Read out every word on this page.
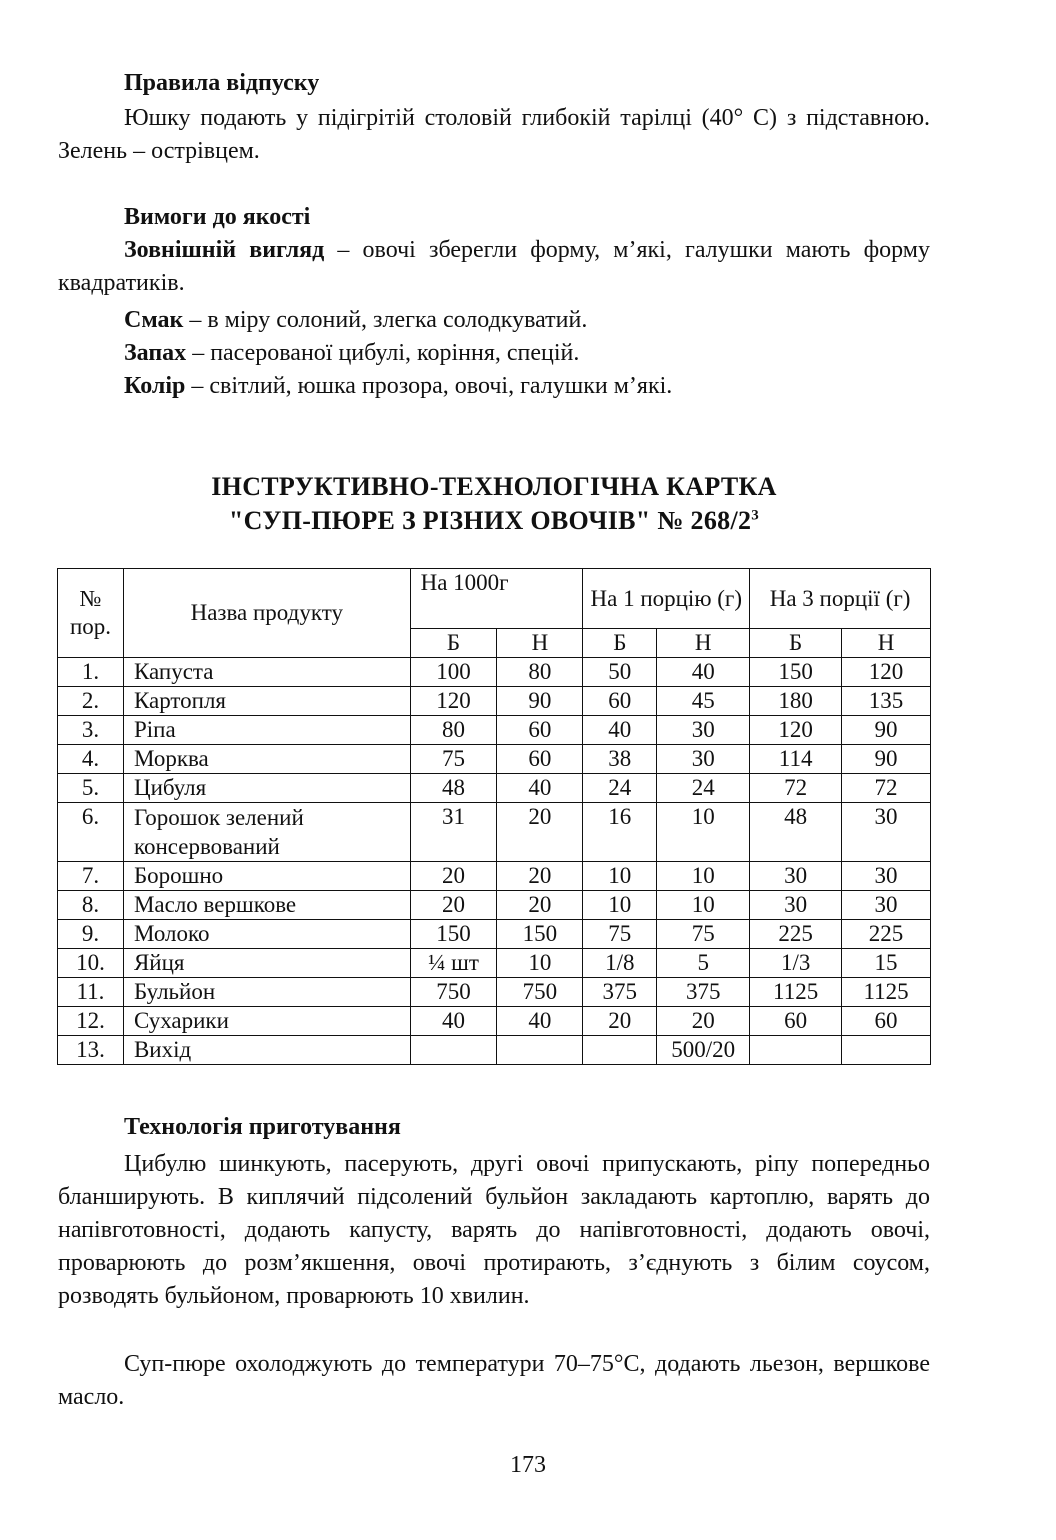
Правила відпуску

Юшку подають у підігрітій столовій глибокій тарілці (40° С) з підставною. Зелень – острівцем.

Вимоги до якості

Зовнішній вигляд – овочі зберегли форму, м’які, галушки мають форму квадратиків.

Смак – в міру солоний, злегка солодкуватий.
Запах – пасерованої цибулі, коріння, спецій.
Колір – світлий, юшка прозора, овочі, галушки м’які.
ІНСТРУКТИВНО-ТЕХНОЛОГІЧНА КАРТКА
"СУП-ПЮРЕ З РІЗНИХ ОВОЧІВ" № $268/2^3$
№ пор.	Назва продукту	На 1000г		На 1 порцію (г)		На 3 порції (г)	
		Б	Н	Б	Н	Б	Н
1.	Капуста	100	80	50	40	150	120
2.	Картопля	120	90	60	45	180	135
3.	Ріпа	80	60	40	30	120	90
4.	Морква	75	60	38	30	114	90
5.	Цибуля	48	40	24	24	72	72
6.	Горошок зелений консервований	31	20	16	10	48	30
7.	Борошно	20	20	10	10	30	30
8.	Масло вершкове	20	20	10	10	30	30
9.	Молоко	150	150	75	75	225	225
10.	Яйця	¼ шт	10	1/8	5	1/3	15
11.	Бульйон	750	750	375	375	1125	1125
12.	Сухарики	40	40	20	20	60	60
13.	Вихід				500/20		
Технологія приготування

Цибулю шинкують, пасерують, другі овочі припускають, ріпу попередньо бланширують. В киплячий підсолений бульйон закладають картоплю, варять до напівготовності, додають капусту, варять до напівготовності, додають овочі, проварюють до розм’якшення, овочі протирають, з’єднують з білим соусом, розводять бульйоном, проварюють 10 хвилин.

Суп-пюре охолоджують до температури 70–75°С, додають льезон, вершкове масло.

173
